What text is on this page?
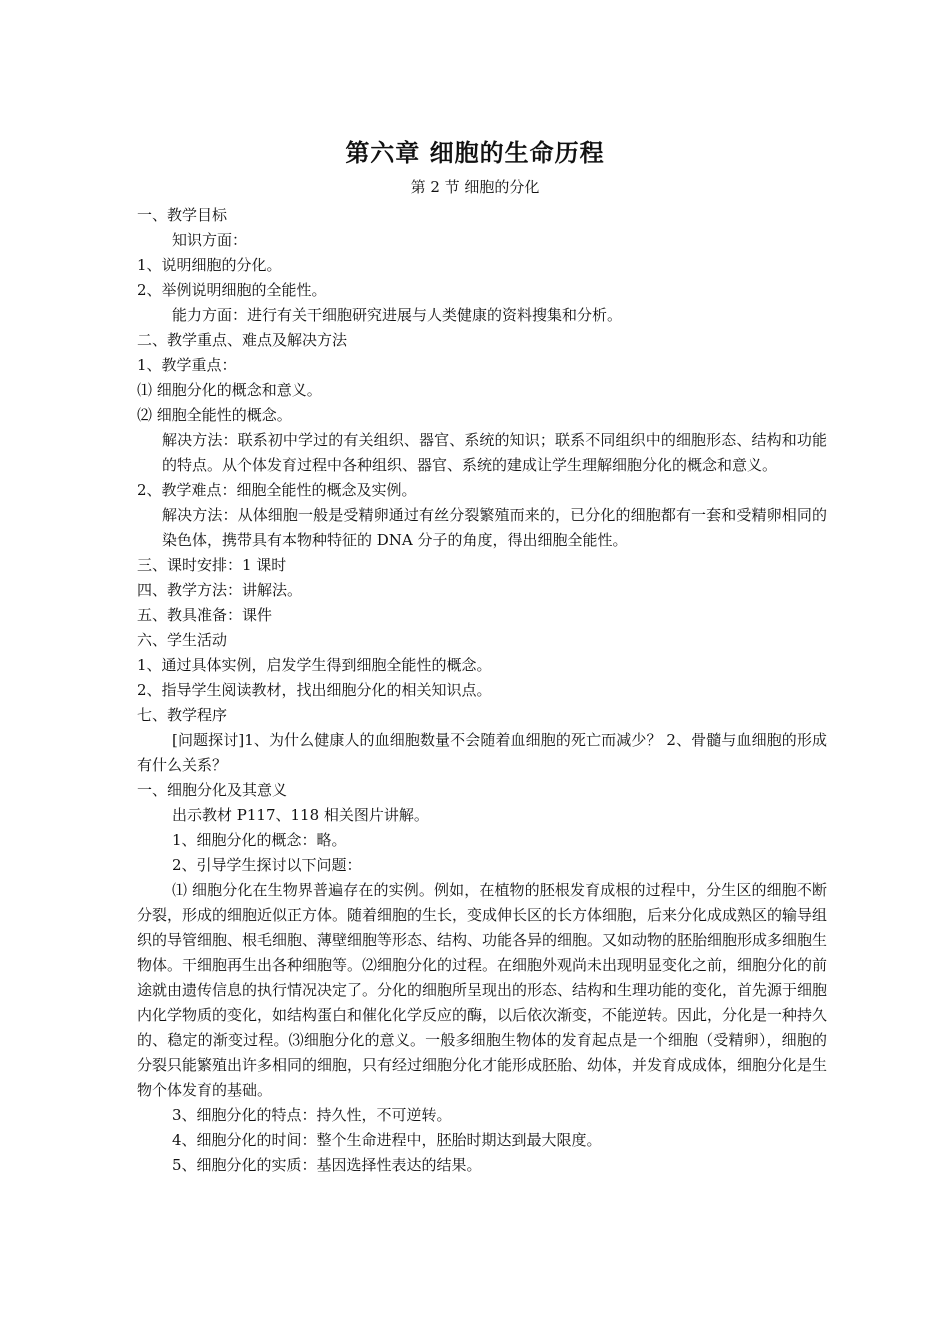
第六章 细胞的生命历程
第 2 节 细胞的分化
一、教学目标
知识方面：
1、说明细胞的分化。
2、举例说明细胞的全能性。
能力方面：进行有关干细胞研究进展与人类健康的资料搜集和分析。
二、教学重点、难点及解决方法
1、教学重点：
⑴ 细胞分化的概念和意义。
⑵ 细胞全能性的概念。
解决方法：联系初中学过的有关组织、器官、系统的知识；联系不同组织中的细胞形态、结构和功能的特点。从个体发育过程中各种组织、器官、系统的建成让学生理解细胞分化的概念和意义。
2、教学难点：细胞全能性的概念及实例。
解决方法：从体细胞一般是受精卵通过有丝分裂繁殖而来的，已分化的细胞都有一套和受精卵相同的染色体，携带具有本物种特征的 DNA 分子的角度，得出细胞全能性。
三、课时安排：1 课时
四、教学方法：讲解法。
五、教具准备：课件
六、学生活动
1、通过具体实例，启发学生得到细胞全能性的概念。
2、指导学生阅读教材，找出细胞分化的相关知识点。
七、教学程序
[问题探讨]1、为什么健康人的血细胞数量不会随着血细胞的死亡而减少？ 2、骨髓与血细胞的形成有什么关系？
一、细胞分化及其意义
出示教材 P117、118 相关图片讲解。
1、细胞分化的概念：略。
2、引导学生探讨以下问题：
⑴ 细胞分化在生物界普遍存在的实例。例如，在植物的胚根发育成根的过程中，分生区的细胞不断分裂，形成的细胞近似正方体。随着细胞的生长，变成伸长区的长方体细胞，后来分化成成熟区的输导组织的导管细胞、根毛细胞、薄壁细胞等形态、结构、功能各异的细胞。又如动物的胚胎细胞形成多细胞生物体。干细胞再生出各种细胞等。⑵细胞分化的过程。在细胞外观尚未出现明显变化之前，细胞分化的前途就由遗传信息的执行情况决定了。分化的细胞所呈现出的形态、结构和生理功能的变化，首先源于细胞内化学物质的变化，如结构蛋白和催化化学反应的酶，以后依次渐变，不能逆转。因此，分化是一种持久的、稳定的渐变过程。⑶细胞分化的意义。一般多细胞生物体的发育起点是一个细胞（受精卵），细胞的分裂只能繁殖出许多相同的细胞，只有经过细胞分化才能形成胚胎、幼体，并发育成成体，细胞分化是生物个体发育的基础。
3、细胞分化的特点：持久性，不可逆转。
4、细胞分化的时间：整个生命进程中，胚胎时期达到最大限度。
5、细胞分化的实质：基因选择性表达的结果。
